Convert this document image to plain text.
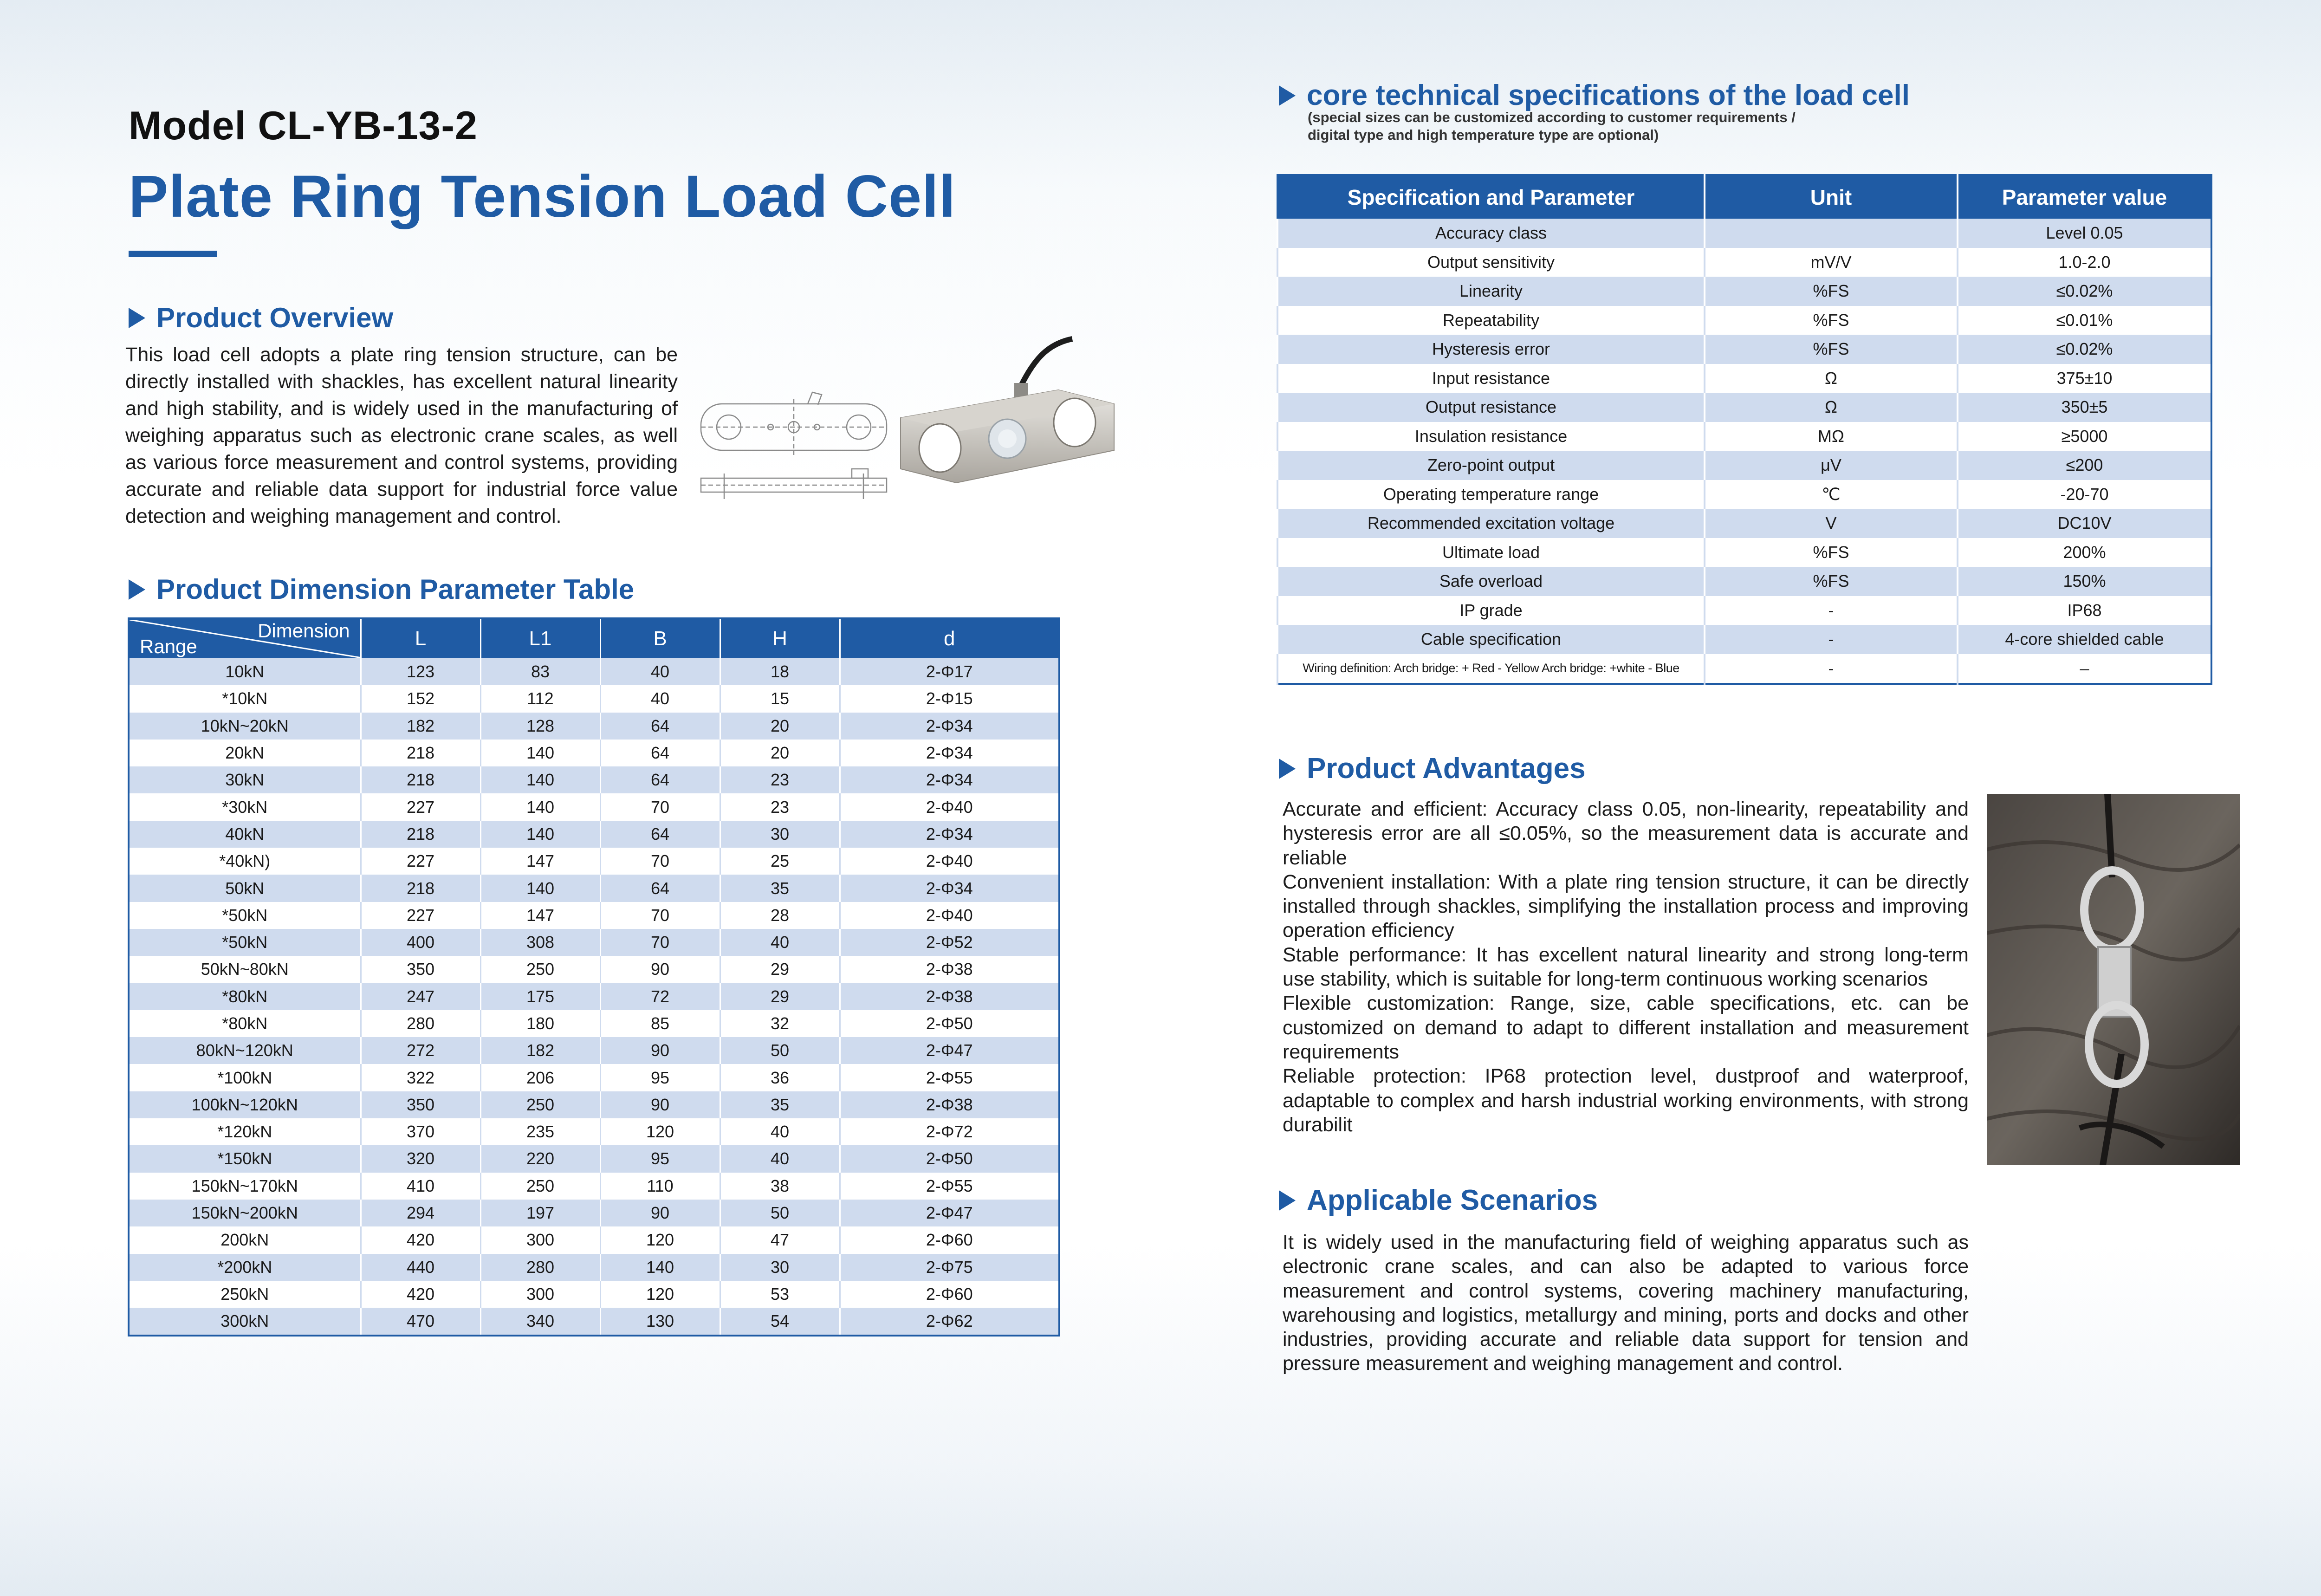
Model CL-YB-13-2
Plate Ring Tension Load Cell
Product Overview
This load cell adopts a plate ring tension structure, can be directly installed with shackles, has excellent natural linearity and high stability, and is widely used in the manufacturing of weighing apparatus such as electronic crane scales, as well as various force measurement and control systems, providing accurate and reliable data support for industrial force value detection and weighing management and control.
Product Dimension Parameter Table
Dimension
Range	L	L1	B	H	d
10kN	123	83	40	18	2-Φ17
*10kN	152	112	40	15	2-Φ15
10kN~20kN	182	128	64	20	2-Φ34
20kN	218	140	64	20	2-Φ34
30kN	218	140	64	23	2-Φ34
*30kN	227	140	70	23	2-Φ40
40kN	218	140	64	30	2-Φ34
*40kN)	227	147	70	25	2-Φ40
50kN	218	140	64	35	2-Φ34
*50kN	227	147	70	28	2-Φ40
*50kN	400	308	70	40	2-Φ52
50kN~80kN	350	250	90	29	2-Φ38
*80kN	247	175	72	29	2-Φ38
*80kN	280	180	85	32	2-Φ50
80kN~120kN	272	182	90	50	2-Φ47
*100kN	322	206	95	36	2-Φ55
100kN~120kN	350	250	90	35	2-Φ38
*120kN	370	235	120	40	2-Φ72
*150kN	320	220	95	40	2-Φ50
150kN~170kN	410	250	110	38	2-Φ55
150kN~200kN	294	197	90	50	2-Φ47
200kN	420	300	120	47	2-Φ60
*200kN	440	280	140	30	2-Φ75
250kN	420	300	120	53	2-Φ60
300kN	470	340	130	54	2-Φ62
core technical specifications of the load cell
(special sizes can be customized according to customer requirements /
digital type and high temperature type are optional)
Specification and Parameter	Unit	Parameter value
Accuracy class		Level 0.05
Output sensitivity	mV/V	1.0-2.0
Linearity	%FS	≤0.02%
Repeatability	%FS	≤0.01%
Hysteresis error	%FS	≤0.02%
Input resistance	Ω	375±10
Output resistance	Ω	350±5
Insulation resistance	MΩ	≥5000
Zero-point output	μV	≤200
Operating temperature range	℃	-20-70
Recommended excitation voltage	V	DC10V
Ultimate load	%FS	200%
Safe overload	%FS	150%
IP grade	-	IP68
Cable specification	-	4-core shielded cable
Wiring definition: Arch bridge: + Red - Yellow Arch bridge: +white - Blue	-	–
Product Advantages

Accurate and efficient: Accuracy class 0.05, non-linearity, repeatability and hysteresis error are all ≤0.05%, so the measurement data is accurate and reliable

Convenient installation: With a plate ring tension structure, it can be directly installed through shackles, simplifying the installation process and improving operation efficiency

Stable performance: It has excellent natural linearity and strong long-term use stability, which is suitable for long-term continuous working scenarios

Flexible customization: Range, size, cable specifications, etc. can be customized on demand to adapt to different installation and measurement requirements

Reliable protection: IP68 protection level, dustproof and waterproof, adaptable to complex and harsh industrial working environments, with strong durabilit

Applicable Scenarios
It is widely used in the manufacturing field of weighing apparatus such as electronic crane scales, and can also be adapted to various force measurement and control systems, covering machinery manufacturing, warehousing and logistics, metallurgy and mining, ports and docks and other industries, providing accurate and reliable data support for tension and pressure measurement and weighing management and control.
